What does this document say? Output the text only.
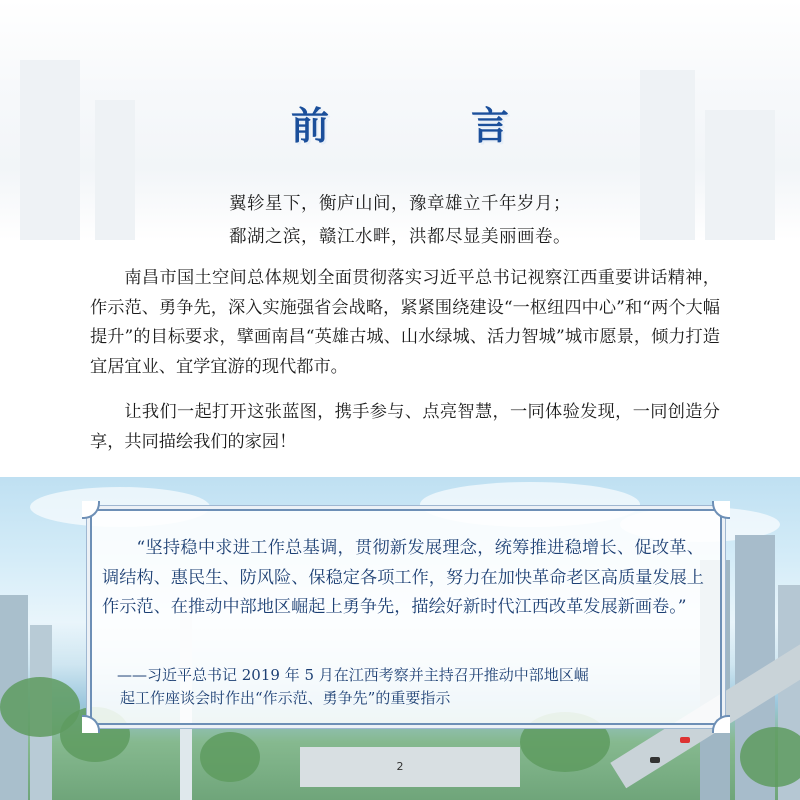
前　言
翼轸星下，衡庐山间，豫章雄立千年岁月；
鄱湖之滨，赣江水畔，洪都尽显美丽画卷。
南昌市国土空间总体规划全面贯彻落实习近平总书记视察江西重要讲话精神，作示范、勇争先，深入实施强省会战略，紧紧围绕建设“一枢纽四中心”和“两个大幅提升”的目标要求，擘画南昌“英雄古城、山水绿城、活力智城”城市愿景，倾力打造宜居宜业、宜学宜游的现代都市。
让我们一起打开这张蓝图，携手参与、点亮智慧，一同体验发现，一同创造分享，共同描绘我们的家园！
“坚持稳中求进工作总基调，贯彻新发展理念，统筹推进稳增长、促改革、调结构、惠民生、防风险、保稳定各项工作，努力在加快革命老区高质量发展上作示范、在推动中部地区崛起上勇争先，描绘好新时代江西改革发展新画卷。”
——习近平总书记 2019 年 5 月在江西考察并主持召开推动中部地区崛
起工作座谈会时作出“作示范、勇争先”的重要指示
2
